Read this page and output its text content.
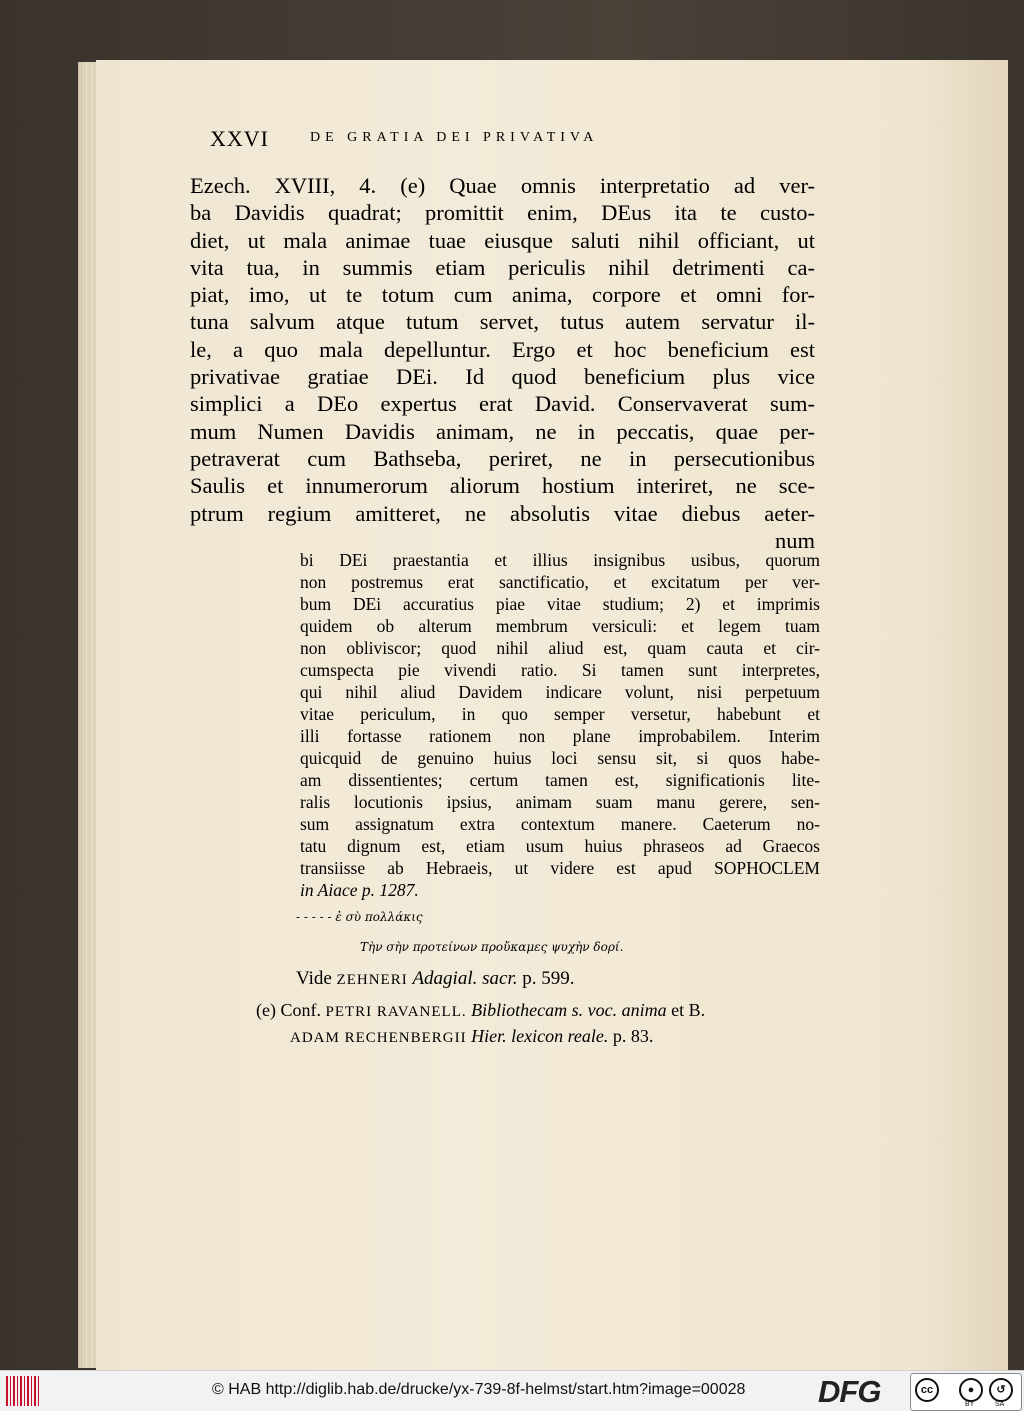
XXVI	DE GRATIA DEI PRIVATIVA
Ezech. XVIII, 4. (e) Quae omnis interpretatio ad ver-
ba Davidis quadrat; promittit enim, DEus ita te custo-
diet, ut mala animae tuae eiusque saluti nihil officiant, ut
vita tua, in summis etiam periculis nihil detrimenti ca-
piat, imo, ut te totum cum anima, corpore et omni for-
tuna salvum atque tutum servet, tutus autem servatur il-
le, a quo mala depelluntur. Ergo et hoc beneficium est
privativae gratiae DEi. Id quod beneficium plus vice
simplici a DEo expertus erat David. Conservaverat sum-
mum Numen Davidis animam, ne in peccatis, quae per-
petraverat cum Bathseba, periret, ne in persecutionibus
Saulis et innumerorum aliorum hostium interiret, ne sce-
ptrum regium amitteret, ne absolutis vitae diebus aeter-
num
bi DEi praestantia et illius insignibus usibus, quorum
non postremus erat sanctificatio, et excitatum per ver-
bum DEi accuratius piae vitae studium; 2) et imprimis
quidem ob alterum membrum versiculi: et legem tuam
non obliviscor; quod nihil aliud est, quam cauta et cir-
cumspecta pie vivendi ratio. Si tamen sunt interpretes,
qui nihil aliud Davidem indicare volunt, nisi perpetuum
vitae periculum, in quo semper versetur, habebunt et
illi fortasse rationem non plane improbabilem. Interim
quicquid de genuino huius loci sensu sit, si quos habe-
am dissentientes; certum tamen est, significationis lite-
ralis locutionis ipsius, animam suam manu gerere, sen-
sum assignatum extra contextum manere. Caeterum no-
tatu dignum est, etiam usum huius phraseos ad Graecos
transiisse ab Hebraeis, ut videre est apud SOPHOCLEM
in Aiace p. 1287.
- - - - - ἐ σὺ πολλάκις
Τὴν σὴν προτείνων προὔκαμες ψυχὴν δορί.
Vide ZEHNERI Adagial. sacr. p. 599.
(e) Conf. PETRI RAVANELL. Bibliothecam s. voc. anima et B.
ADAM RECHENBERGII Hier. lexicon reale. p. 83.
© HAB http://diglib.hab.de/drucke/yx-739-8f-helmst/start.htm?image=00028 DFG	cc	●	↺
BY	SA
